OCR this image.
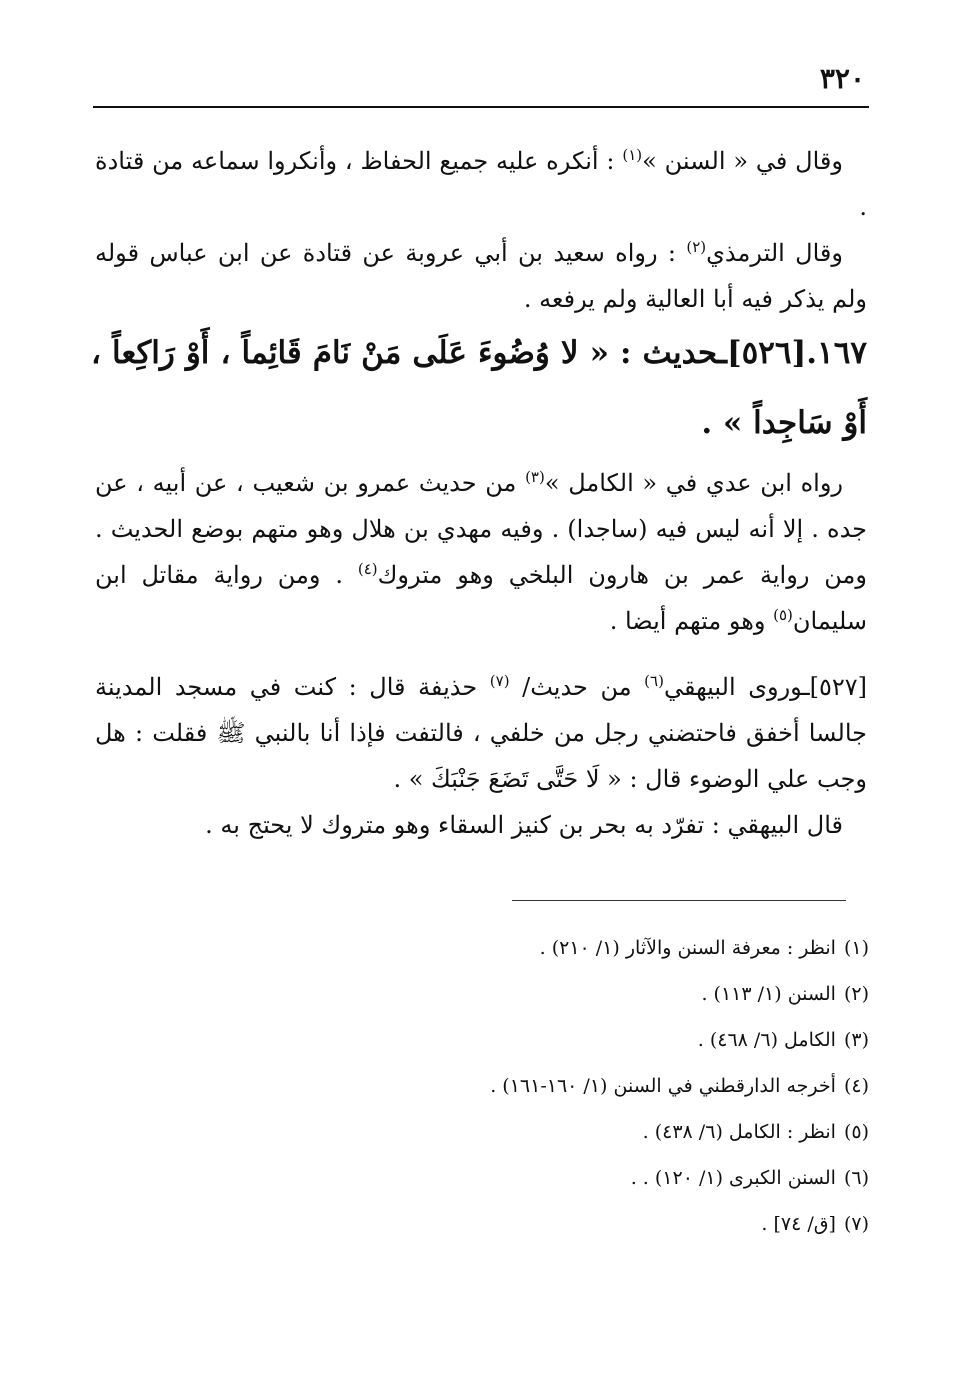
٣٢٠

وقال في « السنن »$^{(١)}$ : أنكره عليه جميع الحفاظ ، وأنكروا سماعه من قتادة .

وقال الترمذي$^{(٢)}$ : رواه سعيد بن أبي عروبة عن قتادة عن ابن عباس قوله ولم يذكر فيه أبا العالية ولم يرفعه .

١٦٧.[٥٢٦]ـحديث : « لا وُضُوءَ عَلَى مَنْ نَامَ قَائِماً ، أَوْ رَاكِعاً ، أَوْ سَاجِداً » .

رواه ابن عدي في « الكامل »$^{(٣)}$ من حديث عمرو بن شعيب ، عن أبيه ، عن جده . إلا أنه ليس فيه (ساجدا) . وفيه مهدي بن هلال وهو متهم بوضع الحديث . ومن رواية عمر بن هارون البلخي وهو متروك$^{(٤)}$ . ومن رواية مقاتل ابن سليمان$^{(٥)}$ وهو متهم أيضا .

[٥٢٧]ـوروى البيهقي$^{(٦)}$ من حديث/ $^{(٧)}$ حذيفة قال : كنت في مسجد المدينة جالسا أخفق فاحتضني رجل من خلفي ، فالتفت فإذا أنا بالنبي ﷺ فقلت : هل وجب علي الوضوء قال : « لَا حَتَّى تَضَعَ جَنْبَكَ » .

قال البيهقي : تفرّد به بحر بن كنيز السقاء وهو متروك لا يحتج به .

(١)انظر : معرفة السنن والآثار (١/ ٢١٠) .
(٢)السنن (١/ ١١٣) .
(٣)الكامل (٦/ ٤٦٨) .
(٤)أخرجه الدارقطني في السنن (١/ ١٦٠-١٦١) .
(٥)انظر : الكامل (٦/ ٤٣٨) .
(٦)السنن الكبرى (١/ ١٢٠) . .
(٧)[ق/ ٧٤] .
